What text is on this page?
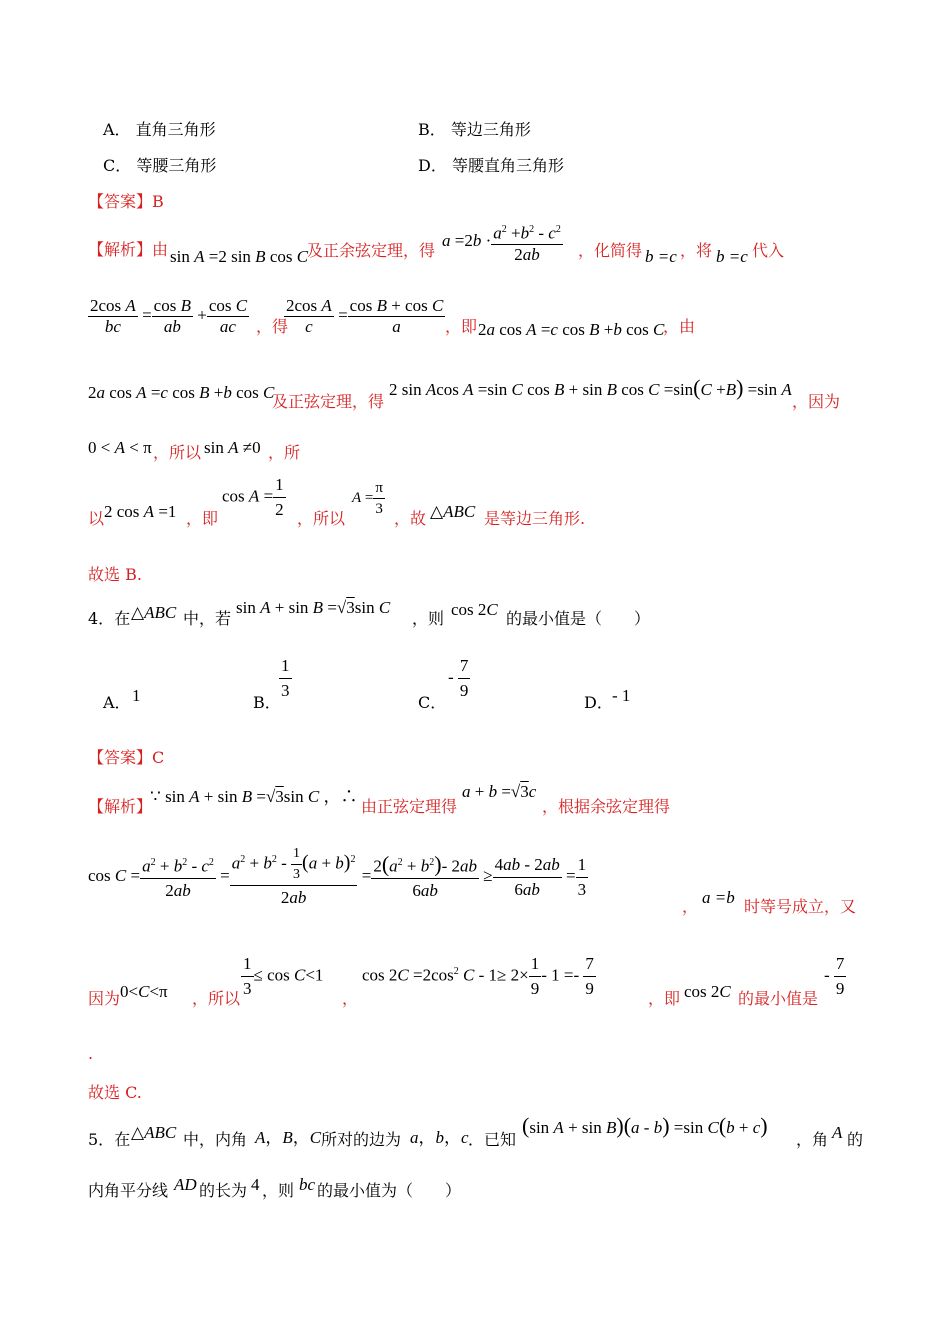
A． 直角三角形	B． 等边三角形
C． 等腰三角形	D． 等腰直角三角形
【答案】B
【解析】由 sin A =2 sin B cos C
及正余弦定理，得
$a =2b \cdot \frac{a^2 +b^2 - c^2}{2ab}$ ，化简得 b =c ，将 b =c 代入
$\frac{\text{2cos A}}{bc} = \frac{\text{cos B}}{ab} + \frac{\text{cos C}}{ac}$ ，得
$\frac{\text{2cos A}}{c} = \frac{\text{cos B + cos C}}{a}$ ，即 2a cos A =c cos B +b cos C
，由
2a cos A =c cos B +b cos C
及正弦定理，得
2 sin Acos A =sin C cos B + sin B cos C =sin(C +B) =sin A
，因为
0 < A < π ，所以 sin A ≠0 ，所
以 2 cos A =1 ，即
$\cos A = \frac{1}{2}$ ，所以
$A = \frac{\pi}{3}$ ，故 △ABC 是等边三角形.
故选 B.
4．在 △ABC 中，若
sin A + sin B =√3sin C
，则 cos 2C 的最小值是（　　）
A． 1	B．
$\frac{1}{3}$	C．
- $\frac{7}{9}$	D． - 1
【答案】C
【解析】
∵ sin A + sin B =√3sin C ，∴
由正弦定理得
a + b =√3c
，根据余弦定理得
$\cos C = \frac{a^2 + b^2 - c^2}{2ab} = \frac{a^2 + b^2 - \frac{1}{3} (a + b)^2}{2ab} = \frac{2(a^2 + b^2)- 2ab}{6ab} \ge \frac{4ab - 2ab}{6ab} = \frac{1}{3}$
， a =b 时等号成立，又
因为 0<C<π ，所以 $\frac{1}{3} \le \cos C<1$
，
$\cos 2C =2\cos^2$ $C - 1\ge 2\times \frac{1}{9} - 1 =- \frac{7}{9}$	，即 cos 2C 的最小值是
- $\frac{7}{9}$
.
故选 C.
5．在 △ABC 中，内角 A，B，C 所对的边为 a，b，c ．已知
(sin A + sin B)(a - b) =sin C(b + c)
，角 A 的
内角平分线 AD 的长为 4 ，则 bc 的最小值为（　　）
